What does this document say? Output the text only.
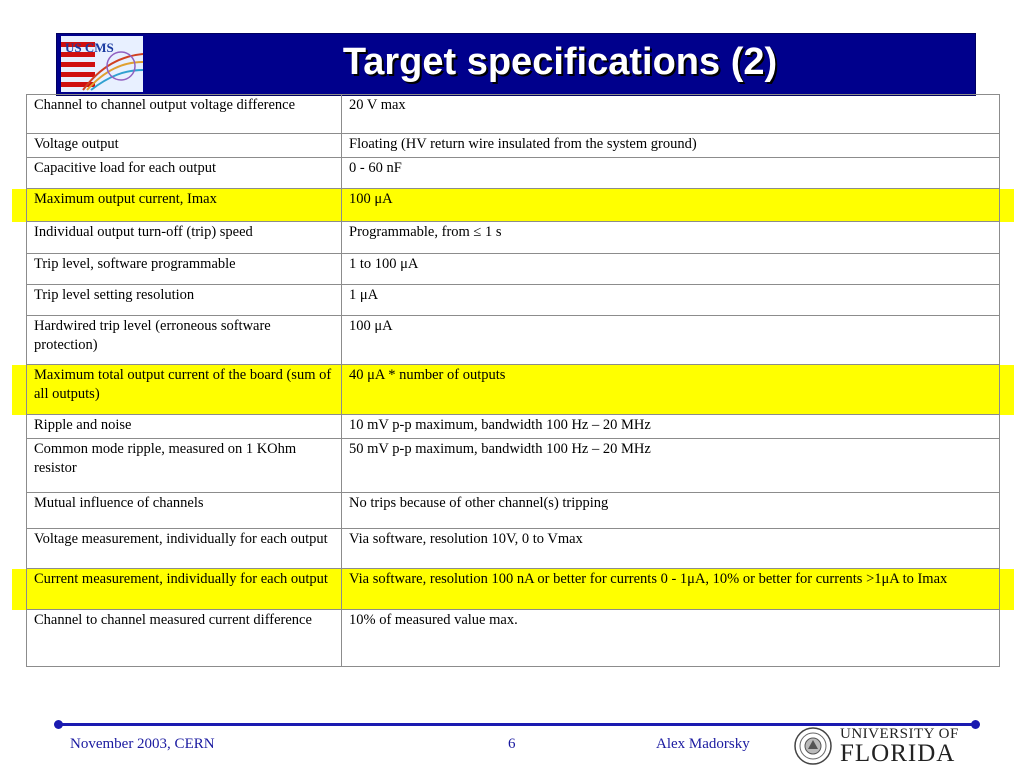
US CMS	Target specifications (2)
Channel to channel output voltage difference	20 V max
Voltage output	Floating (HV return wire insulated from the system ground)
Capacitive load for each output	0 - 60 nF
Maximum output current, Imax	100 μA
Individual output turn-off (trip) speed	Programmable, from ≤ 1 s
Trip level, software programmable	1 to 100 μA
Trip level setting resolution	1 μA
Hardwired trip level (erroneous software protection)	100 μA
Maximum total output current of the board (sum of all outputs)	40 μA * number of outputs
Ripple and noise	10 mV p-p maximum, bandwidth 100 Hz – 20 MHz
Common mode ripple, measured on 1 KOhm resistor	50 mV p-p maximum, bandwidth 100 Hz – 20 MHz
Mutual influence of channels	No trips because of other channel(s) tripping
Voltage measurement, individually for each output	Via software, resolution 10V, 0 to Vmax
Current measurement, individually for each output	Via software, resolution 100 nA or better for currents 0 - 1μA, 10% or better for currents >1μA to Imax
Channel to channel measured current difference	10% of measured value max.
November 2003, CERN	6	Alex Madorsky
UNIVERSITY OF
FLORIDA
